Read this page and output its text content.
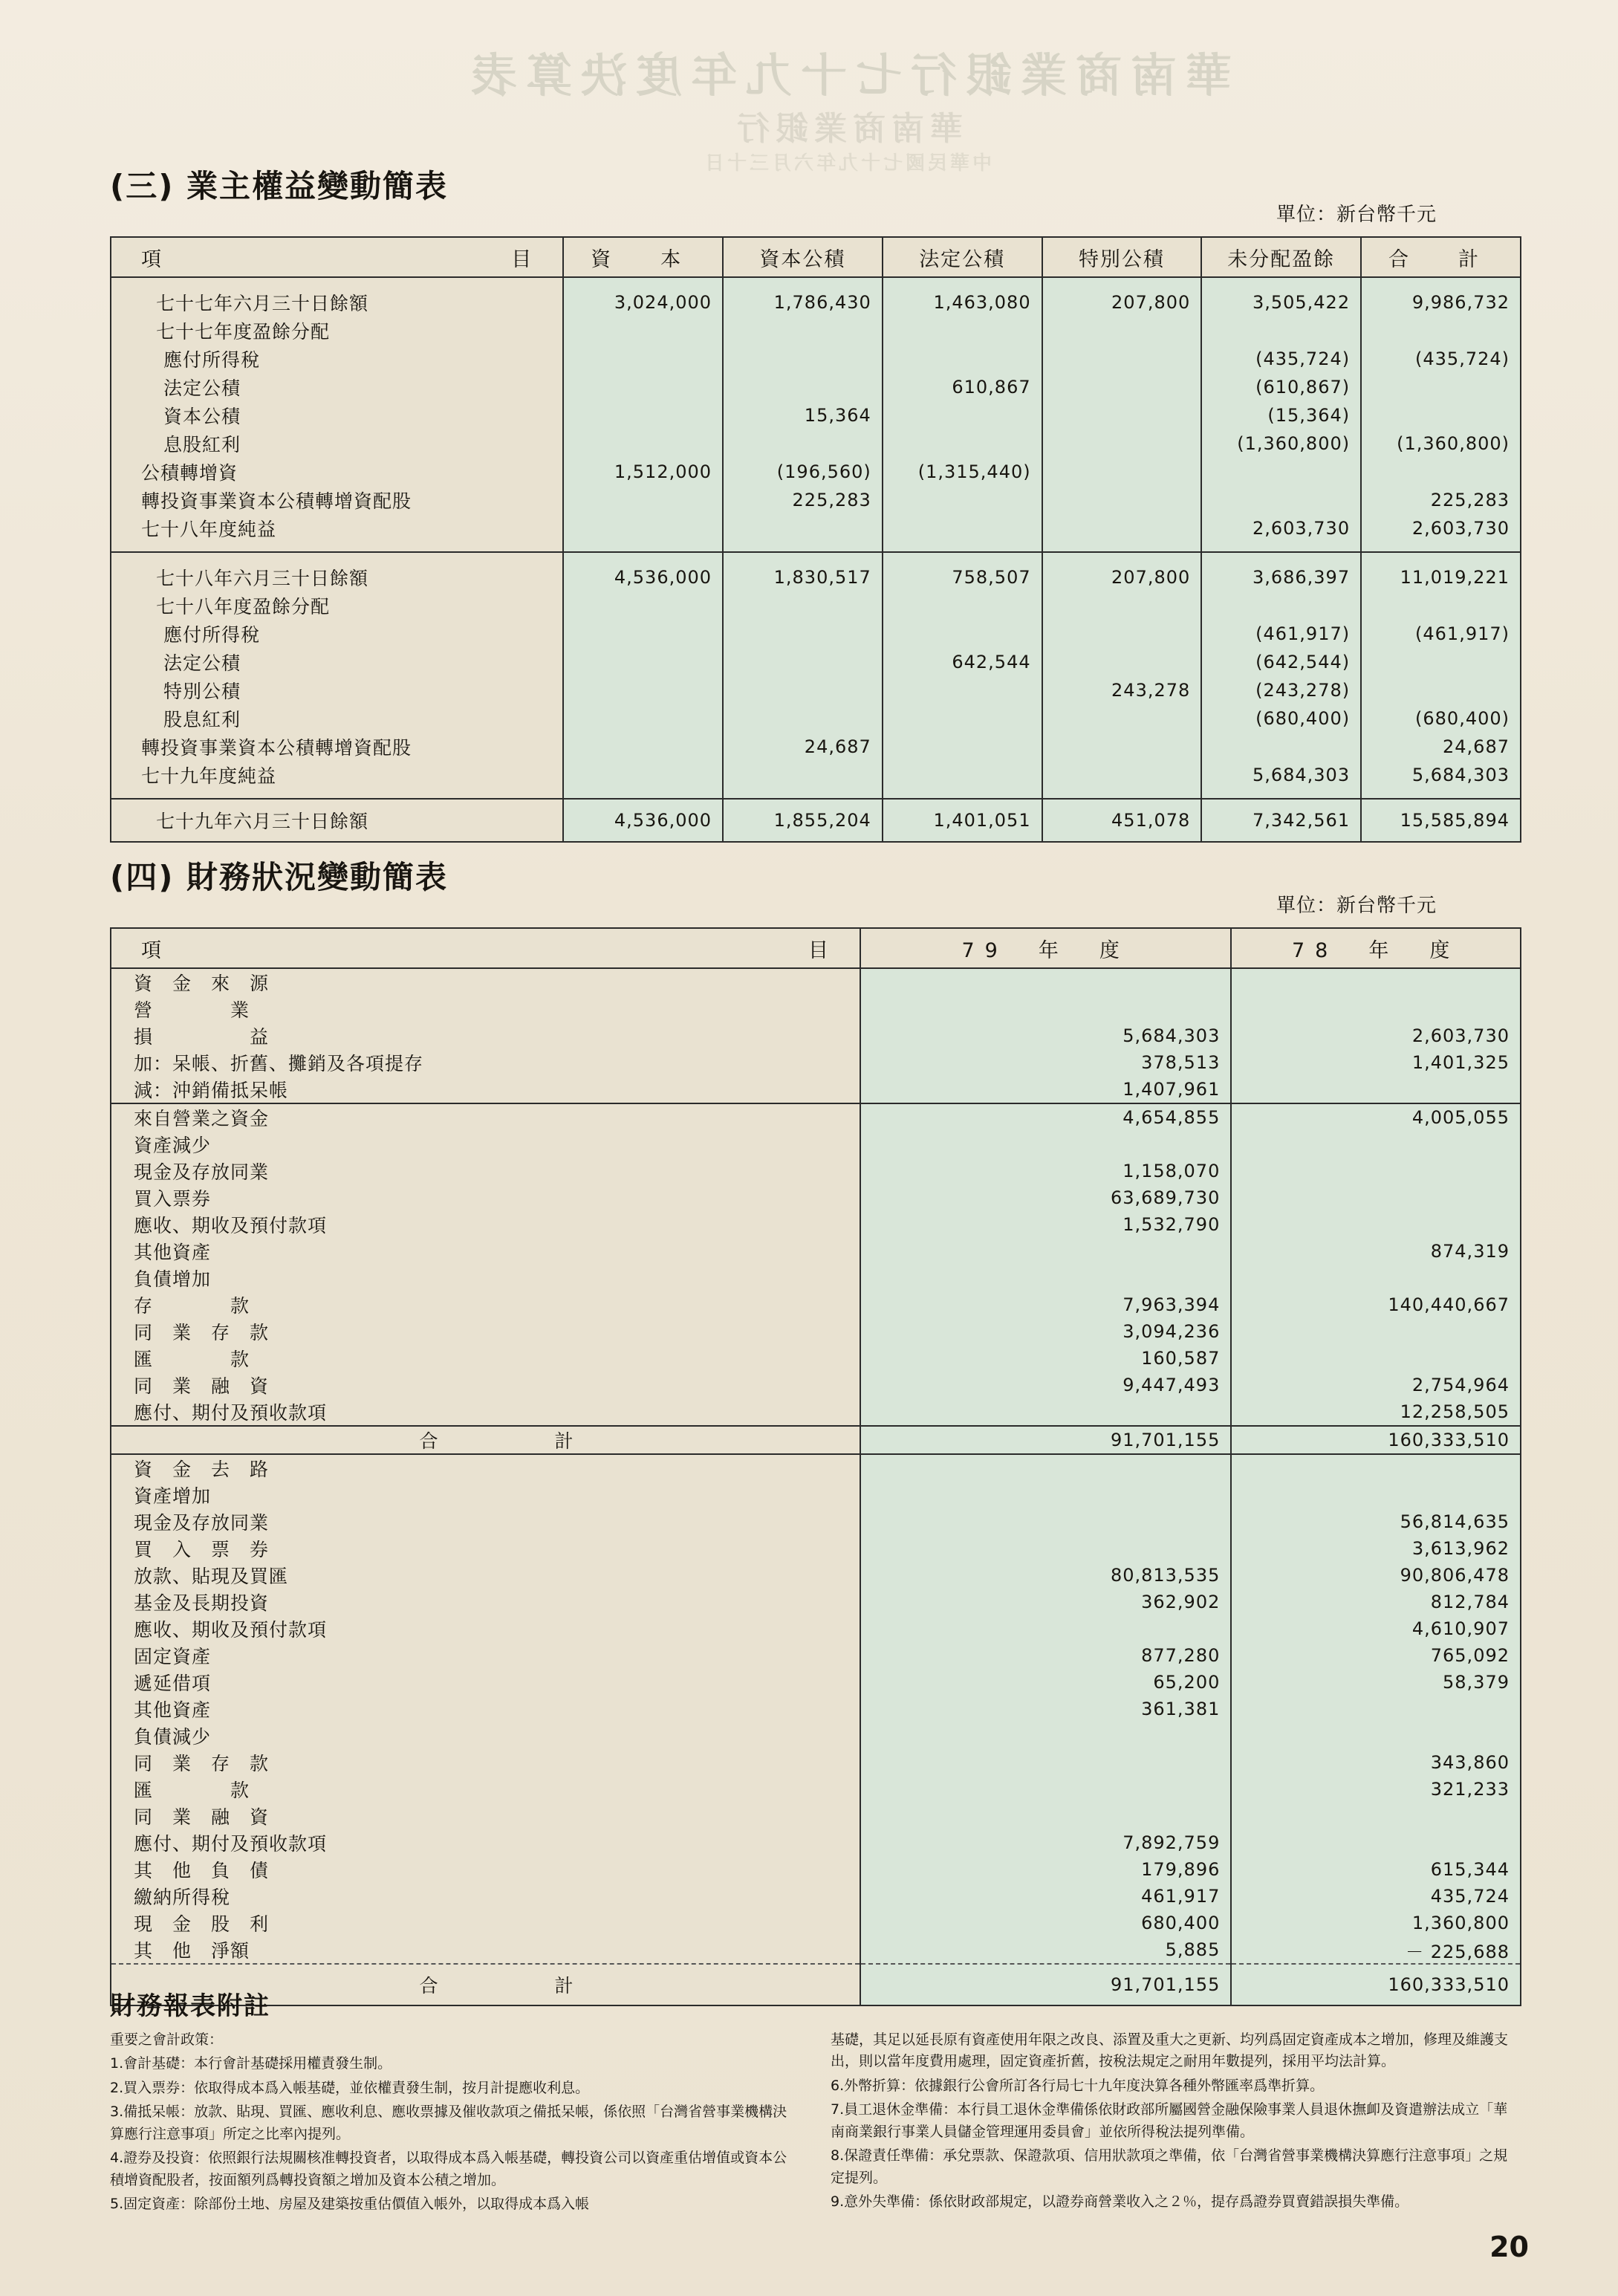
華南商業銀行七十九年度決算表
華南商業銀行
中華民國七十九年六月三十日
(三) 業主權益變動簡表
單位：新台幣千元
項 目	資　本	資本公積	法定公積	特別公積	未分配盈餘	合　計
七十七年六月三十日餘額	3,024,000	1,786,430	1,463,080	207,800	3,505,422	9,986,732
七十七年度盈餘分配						
應付所得稅					(435,724)	(435,724)
法定公積			610,867		(610,867)	
資本公積		15,364			(15,364)	
息股紅利					(1,360,800)	(1,360,800)
公積轉增資	1,512,000	(196,560)	(1,315,440)			
轉投資事業資本公積轉增資配股		225,283				225,283
七十八年度純益					2,603,730	2,603,730
七十八年六月三十日餘額	4,536,000	1,830,517	758,507	207,800	3,686,397	11,019,221
七十八年度盈餘分配						
應付所得稅					(461,917)	(461,917)
法定公積			642,544		(642,544)	
特別公積				243,278	(243,278)	
股息紅利					(680,400)	(680,400)
轉投資事業資本公積轉增資配股		24,687				24,687
七十九年度純益					5,684,303	5,684,303
七十九年六月三十日餘額	4,536,000	1,855,204	1,401,051	451,078	7,342,561	15,585,894
(四) 財務狀況變動簡表
單位：新台幣千元
項 目	79　年　度	78　年　度
資　金　來　源		
營　　　　業		
損　　　　　益	5,684,303	2,603,730
加：呆帳、折舊、攤銷及各項提存	378,513	1,401,325
減：沖銷備抵呆帳	1,407,961	
來自營業之資金	4,654,855	4,005,055
資產減少		
現金及存放同業	1,158,070	
買入票券	63,689,730	
應收、期收及預付款項	1,532,790	
其他資產		874,319
負債增加		
存　　　　款	7,963,394	140,440,667
同　業　存　款	3,094,236	
匯　　　　款	160,587	
同　業　融　資	9,447,493	2,754,964
應付、期付及預收款項		12,258,505
合　　　　　　計	91,701,155	160,333,510
資　金　去　路		
資產增加		
現金及存放同業		56,814,635
買　入　票　券		3,613,962
放款、貼現及買匯	80,813,535	90,806,478
基金及長期投資	362,902	812,784
應收、期收及預付款項		4,610,907
固定資產	877,280	765,092
遞延借項	65,200	58,379
其他資產	361,381	
負債減少		
同　業　存　款		343,860
匯　　　　款		321,233
同　業　融　資		
應付、期付及預收款項	7,892,759	
其　他　負　債	179,896	615,344
繳納所得稅	461,917	435,724
現　金　股　利	680,400	1,360,800
其　他　淨額	5,885	－ 225,688
合　　　　　　計	91,701,155	160,333,510
財務報表附註

重要之會計政策：

1.會計基礎：本行會計基礎採用權責發生制。

2.買入票券：依取得成本爲入帳基礎，並依權責發生制，按月計提應收利息。

3.備抵呆帳：放款、貼現、買匯、應收利息、應收票據及催收款項之備抵呆帳，係依照「台灣省營事業機構決算應行注意事項」所定之比率內提列。

4.證券及投資：依照銀行法規關核准轉投資者，以取得成本爲入帳基礎，轉投資公司以資產重估增值或資本公積增資配股者，按面額列爲轉投資額之增加及資本公積之增加。

5.固定資產：除部份土地、房屋及建築按重估價值入帳外，以取得成本爲入帳

基礎，其足以延長原有資產使用年限之改良、添置及重大之更新、均列爲固定資產成本之增加，修理及維護支出，則以當年度費用處理，固定資產折舊，按稅法規定之耐用年數提列，採用平均法計算。

6.外幣折算：依據銀行公會所訂各行局七十九年度決算各種外幣匯率爲準折算。

7.員工退休金準備：本行員工退休金準備係依財政部所屬國營金融保險事業人員退休撫卹及資遣辦法成立「華南商業銀行事業人員儲金管理運用委員會」並依所得稅法提列準備。

8.保證責任準備：承兌票款、保證款項、信用狀款項之準備，依「台灣省營事業機構決算應行注意事項」之規定提列。

9.意外失準備：係依財政部規定，以證券商營業收入之２％，提存爲證券買賣錯誤損失準備。

20
